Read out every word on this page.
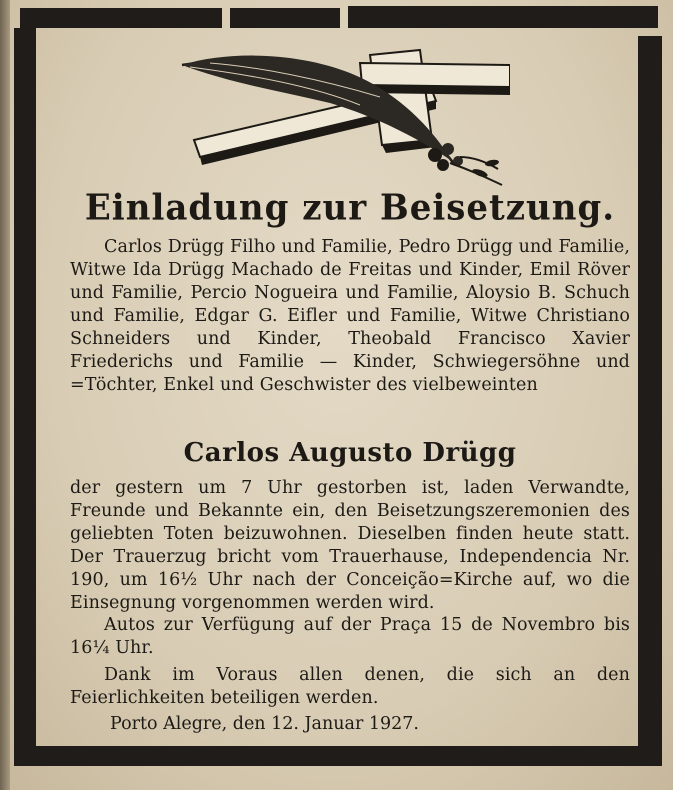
Einladung zur Beisetzung.

Carlos Drügg Filho und Familie, Pedro Drügg und Familie, Witwe Ida Drügg Machado de Freitas und Kinder, Emil Röver und Familie, Percio Nogueira und Familie, Aloysio B. Schuch und Familie, Edgar G. Eifler und Familie, Witwe Christiano Schneiders und Kinder, Theobald Francisco Xavier Friederichs und Familie — Kinder, Schwiegersöhne und =Töchter, Enkel und Geschwister des vielbeweinten

Carlos Augusto Drügg

der gestern um 7 Uhr gestorben ist, laden Verwandte, Freunde und Bekannte ein, den Beisetzungszeremonien des geliebten Toten beizuwohnen. Dieselben finden heute statt. Der Trauerzug bricht vom Trauerhause, Independencia Nr. 190, um 16½ Uhr nach der Conceição=Kirche auf, wo die Einsegnung vorgenommen werden wird.

Autos zur Verfügung auf der Praça 15 de Novembro bis 16¼ Uhr.

Dank im Voraus allen denen, die sich an den Feierlichkeiten beteiligen werden.

Porto Alegre, den 12. Januar 1927.
